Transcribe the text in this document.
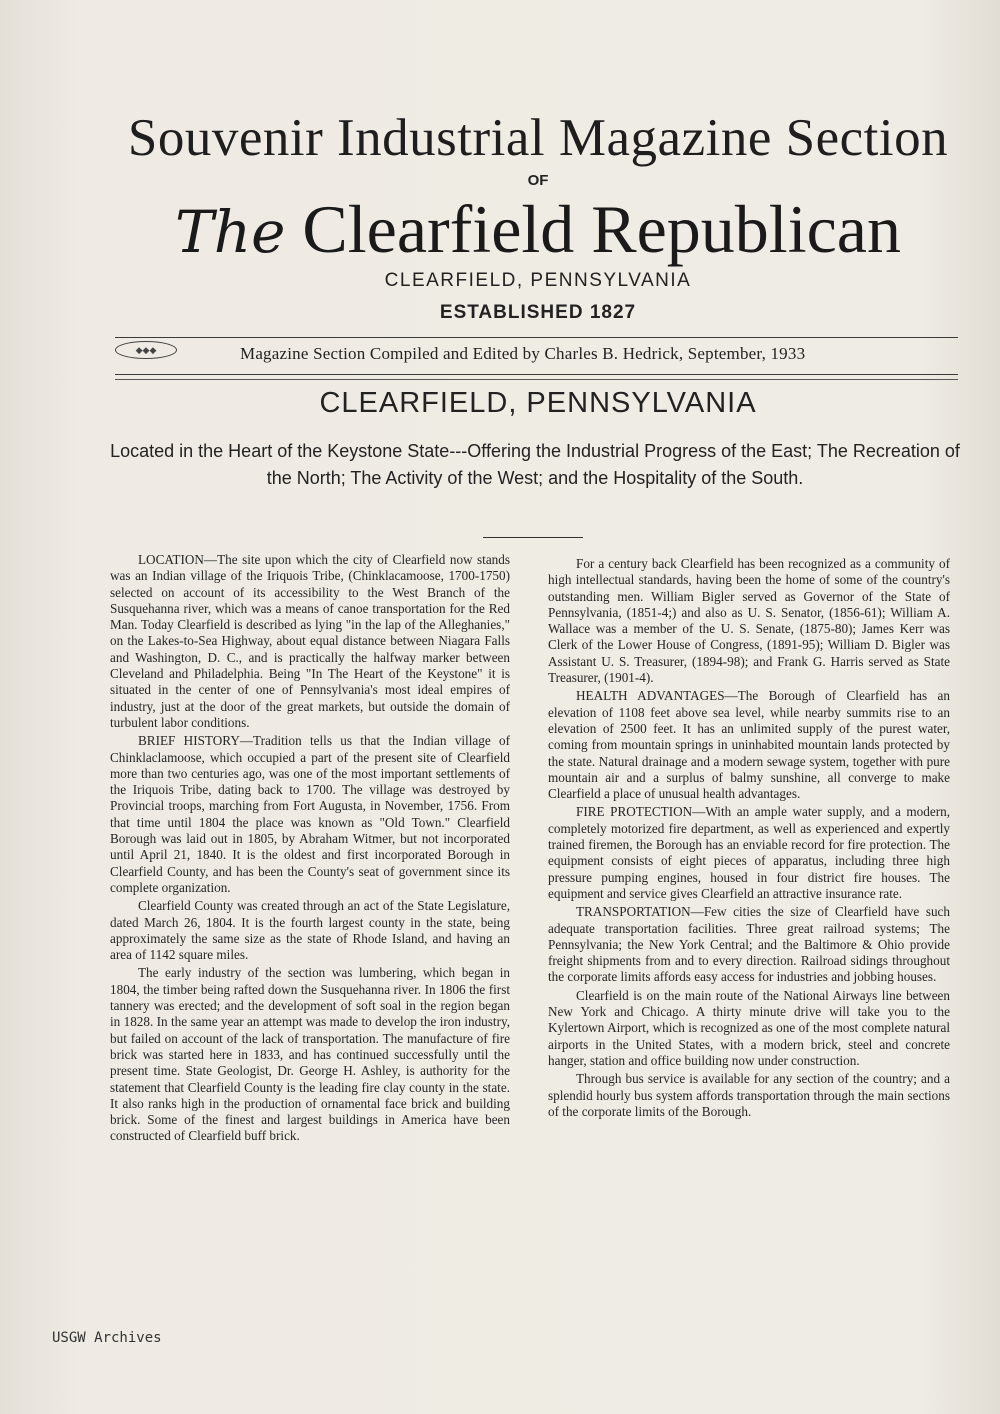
Souvenir Industrial Magazine Section
OF
The Clearfield Republican
CLEARFIELD, PENNSYLVANIA
ESTABLISHED 1827
◆◆◆	Magazine Section Compiled and Edited by Charles B. Hedrick, September, 1933
CLEARFIELD, PENNSYLVANIA
Located in the Heart of the Keystone State---Offering the Industrial Progress of the East; The Recreation of the North; The Activity of the West; and the Hospitality of the South.

LOCATION—The site upon which the city of Clearfield now stands was an Indian village of the Iriquois Tribe, (Chinklacamoose, 1700-1750) selected on account of its accessibility to the West Branch of the Susquehanna river, which was a means of canoe transportation for the Red Man. Today Clearfield is described as lying "in the lap of the Alleghanies," on the Lakes-to-Sea Highway, about equal distance between Niagara Falls and Washington, D. C., and is practically the halfway marker between Cleveland and Philadelphia. Being "In The Heart of the Keystone" it is situated in the center of one of Pennsylvania's most ideal empires of industry, just at the door of the great markets, but outside the domain of turbulent labor conditions.

BRIEF HISTORY—Tradition tells us that the Indian village of Chinklaclamoose, which occupied a part of the present site of Clearfield more than two centuries ago, was one of the most important settlements of the Iriquois Tribe, dating back to 1700. The village was destroyed by Provincial troops, marching from Fort Augusta, in November, 1756. From that time until 1804 the place was known as "Old Town." Clearfield Borough was laid out in 1805, by Abraham Witmer, but not incorporated until April 21, 1840. It is the oldest and first incorporated Borough in Clearfield County, and has been the County's seat of government since its complete organization.

Clearfield County was created through an act of the State Legislature, dated March 26, 1804. It is the fourth largest county in the state, being approximately the same size as the state of Rhode Island, and having an area of 1142 square miles.

The early industry of the section was lumbering, which began in 1804, the timber being rafted down the Susquehanna river. In 1806 the first tannery was erected; and the development of soft soal in the region began in 1828. In the same year an attempt was made to develop the iron industry, but failed on account of the lack of transportation. The manufacture of fire brick was started here in 1833, and has continued successfully until the present time. State Geologist, Dr. George H. Ashley, is authority for the statement that Clearfield County is the leading fire clay county in the state. It also ranks high in the production of ornamental face brick and building brick. Some of the finest and largest buildings in America have been constructed of Clearfield buff brick.

For a century back Clearfield has been recognized as a community of high intellectual standards, having been the home of some of the country's outstanding men. William Bigler served as Governor of the State of Pennsylvania, (1851-4;) and also as U. S. Senator, (1856-61); William A. Wallace was a member of the U. S. Senate, (1875-80); James Kerr was Clerk of the Lower House of Congress, (1891-95); William D. Bigler was Assistant U. S. Treasurer, (1894-98); and Frank G. Harris served as State Treasurer, (1901-4).

HEALTH ADVANTAGES—The Borough of Clearfield has an elevation of 1108 feet above sea level, while nearby summits rise to an elevation of 2500 feet. It has an unlimited supply of the purest water, coming from mountain springs in uninhabited mountain lands protected by the state. Natural drainage and a modern sewage system, together with pure mountain air and a surplus of balmy sunshine, all converge to make Clearfield a place of unusual health advantages.

FIRE PROTECTION—With an ample water supply, and a modern, completely motorized fire department, as well as experienced and expertly trained firemen, the Borough has an enviable record for fire protection. The equipment consists of eight pieces of apparatus, including three high pressure pumping engines, housed in four district fire houses. The equipment and service gives Clearfield an attractive insurance rate.

TRANSPORTATION—Few cities the size of Clearfield have such adequate transportation facilities. Three great railroad systems; The Pennsylvania; the New York Central; and the Baltimore & Ohio provide freight shipments from and to every direction. Railroad sidings throughout the corporate limits affords easy access for industries and jobbing houses.

Clearfield is on the main route of the National Airways line between New York and Chicago. A thirty minute drive will take you to the Kylertown Airport, which is recognized as one of the most complete natural airports in the United States, with a modern brick, steel and concrete hanger, station and office building now under construction.

Through bus service is available for any section of the country; and a splendid hourly bus system affords transportation through the main sections of the corporate limits of the Borough.

USGW Archives
